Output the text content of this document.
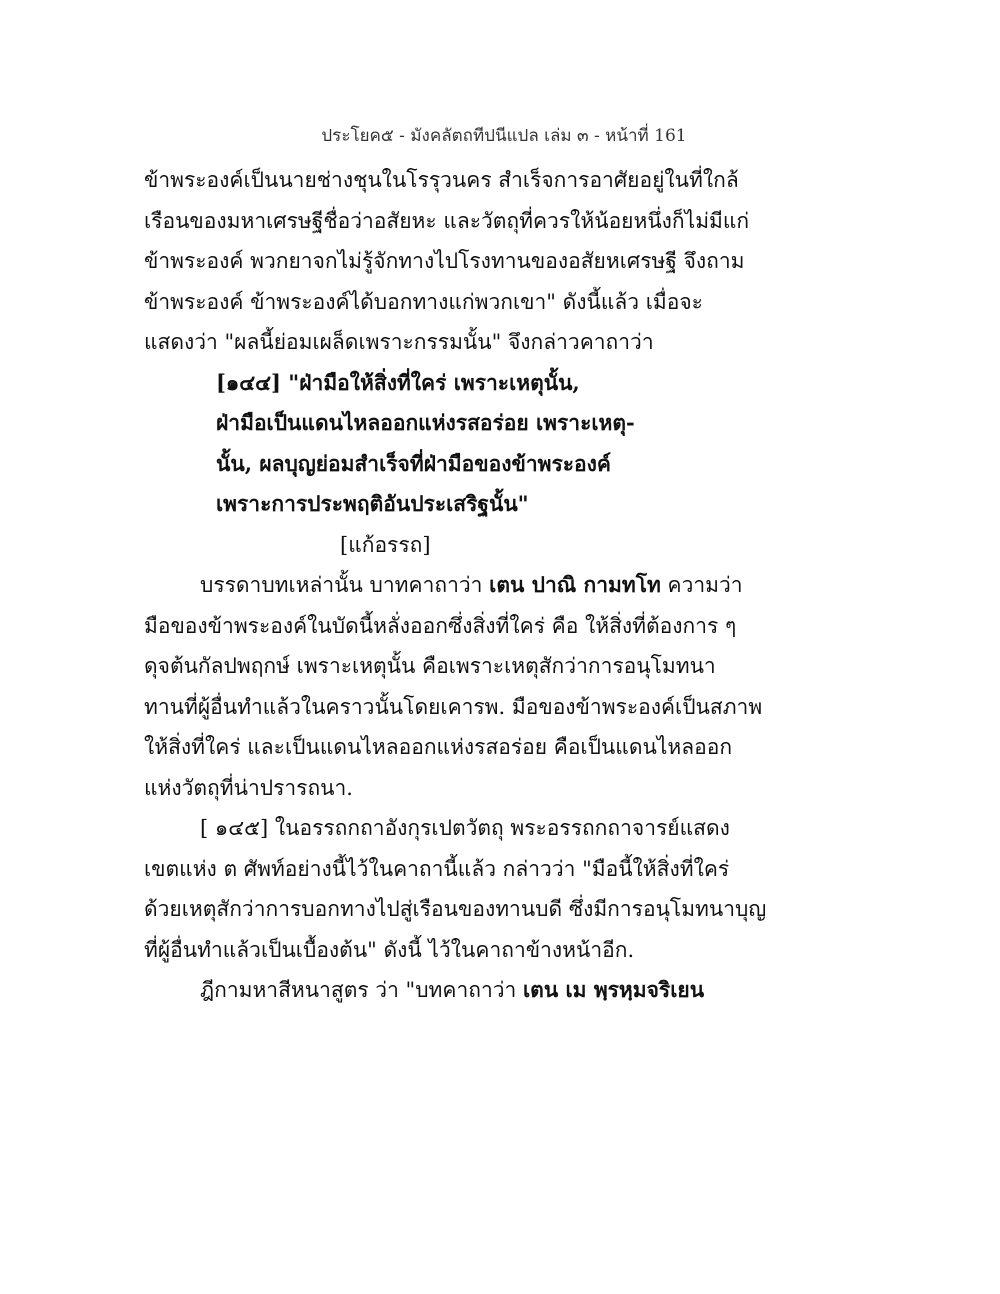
ประโยค๕ - มังคลัตถทีปนีแปล เล่ม ๓ - หน้าที่ 161
ข้าพระองค์เป็นนายช่างชุนในโรรุวนคร สำเร็จการอาศัยอยู่ในที่ใกล้
เรือนของมหาเศรษฐีชื่อว่าอสัยหะ และวัตถุที่ควรให้น้อยหนึ่งก็ไม่มีแก่
ข้าพระองค์ พวกยาจกไม่รู้จักทางไปโรงทานของอสัยหเศรษฐี จึงถาม
ข้าพระองค์ ข้าพระองค์ได้บอกทางแก่พวกเขา" ดังนี้แล้ว เมื่อจะ
แสดงว่า "ผลนี้ย่อมเผล็ดเพราะกรรมนั้น" จึงกล่าวคาถาว่า
[๑๔๔] "ฝ่ามือให้สิ่งที่ใคร่ เพราะเหตุนั้น,
ฝ่ามือเป็นแดนไหลออกแห่งรสอร่อย เพราะเหตุ-
นั้น, ผลบุญย่อมสำเร็จที่ฝ่ามือของข้าพระองค์
เพราะการประพฤติอันประเสริฐนั้น"
[แก้อรรถ]
บรรดาบทเหล่านั้น บาทคาถาว่า เตน ปาณิ กามทโท ความว่า
มือของข้าพระองค์ในบัดนี้หลั่งออกซึ่งสิ่งที่ใคร่ คือ ให้สิ่งที่ต้องการ ๆ
ดุจต้นกัลปพฤกษ์ เพราะเหตุนั้น คือเพราะเหตุสักว่าการอนุโมทนา
ทานที่ผู้อื่นทำแล้วในคราวนั้นโดยเคารพ. มือของข้าพระองค์เป็นสภาพ
ให้สิ่งที่ใคร่ และเป็นแดนไหลออกแห่งรสอร่อย คือเป็นแดนไหลออก
แห่งวัตถุที่น่าปรารถนา.
[ ๑๔๕] ในอรรถกถาอังกุรเปตวัตถุ พระอรรถกถาจารย์แสดง
เขตแห่ง ต ศัพท์อย่างนี้ไว้ในคาถานี้แล้ว กล่าวว่า "มือนี้ให้สิ่งที่ใคร่
ด้วยเหตุสักว่าการบอกทางไปสู่เรือนของทานบดี ซึ่งมีการอนุโมทนาบุญ
ที่ผู้อื่นทำแล้วเป็นเบื้องต้น" ดังนี้ ไว้ในคาถาข้างหน้าอีก.
ฎีกามหาสีหนาสูตร ว่า "บทคาถาว่า เตน เม พฺรหฺมจริเยน
